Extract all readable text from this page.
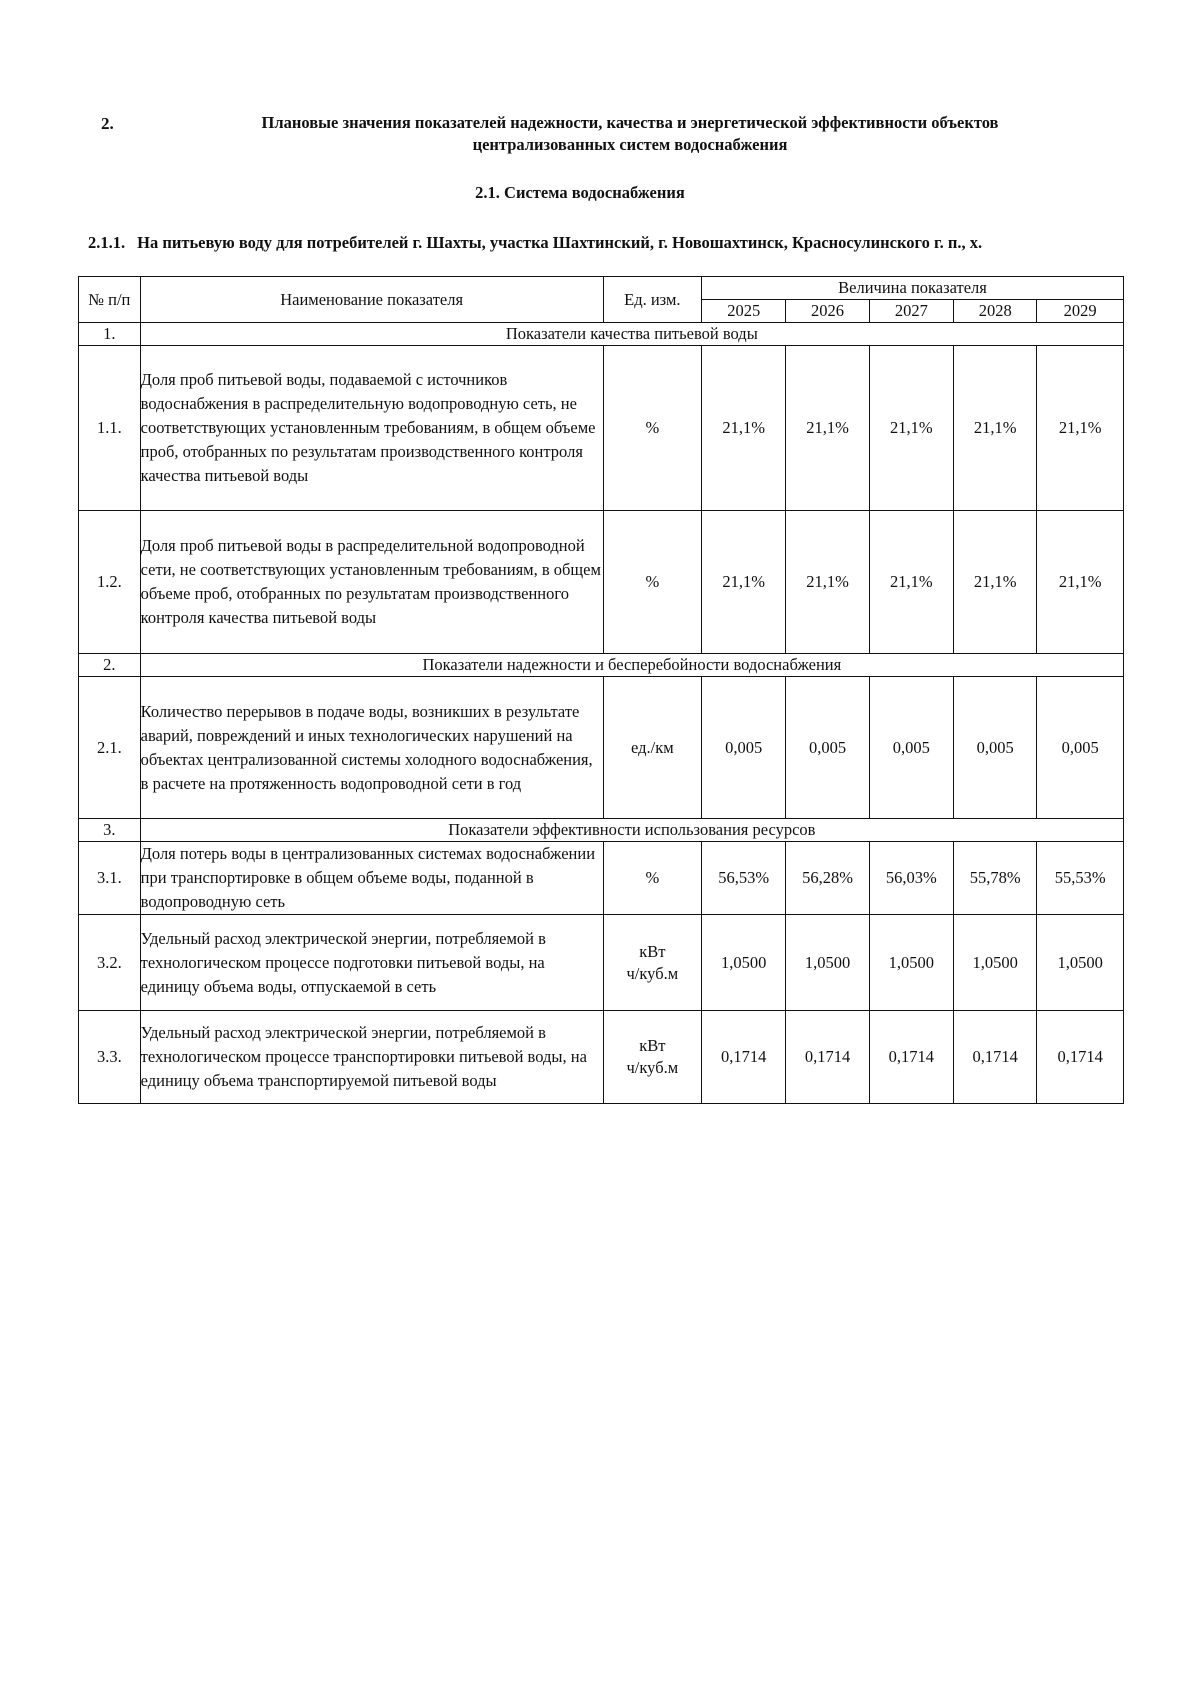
2.	Плановые значения показателей надежности, качества и энергетической эффективности объектов
централизованных систем водоснабжения
2.1. Система водоснабжения
2.1.1. На питьевую воду для потребителей г. Шахты, участка Шахтинский, г. Новошахтинск, Красносулинского г. п., х.
№ п/п	Наименование показателя	Ед. изм.	Величина показателя				
			2025	2026	2027	2028	2029
1.	Показатели качества питьевой воды						
1.1.	Доля проб питьевой воды, подаваемой с источников водоснабжения в распределительную водопроводную сеть, не соответствующих установленным требованиям, в общем объеме проб, отобранных по результатам производственного контроля качества питьевой воды	%	21,1%	21,1%	21,1%	21,1%	21,1%
1.2.	Доля проб питьевой воды в распределительной водопроводной сети, не соответствующих установленным требованиям, в общем объеме проб, отобранных по результатам производственного контроля качества питьевой воды	%	21,1%	21,1%	21,1%	21,1%	21,1%
2.	Показатели надежности и бесперебойности водоснабжения						
2.1.	Количество перерывов в подаче воды, возникших в результате аварий, повреждений и иных технологических нарушений на объектах централизованной системы холодного водоснабжения, в расчете на протяженность водопроводной сети в год	ед./км	0,005	0,005	0,005	0,005	0,005
3.	Показатели эффективности использования ресурсов						
3.1.	Доля потерь воды в централизованных системах водоснабжении при транспортировке в общем объеме воды, поданной в водопроводную сеть	%	56,53%	56,28%	56,03%	55,78%	55,53%
3.2.	Удельный расход электрической энергии, потребляемой в технологическом процессе подготовки питьевой воды, на единицу объема воды, отпускаемой в сеть	кВт
ч/куб.м	1,0500	1,0500	1,0500	1,0500	1,0500
3.3.	Удельный расход электрической энергии, потребляемой в технологическом процессе транспортировки питьевой воды, на единицу объема транспортируемой питьевой воды	кВт
ч/куб.м	0,1714	0,1714	0,1714	0,1714	0,1714
